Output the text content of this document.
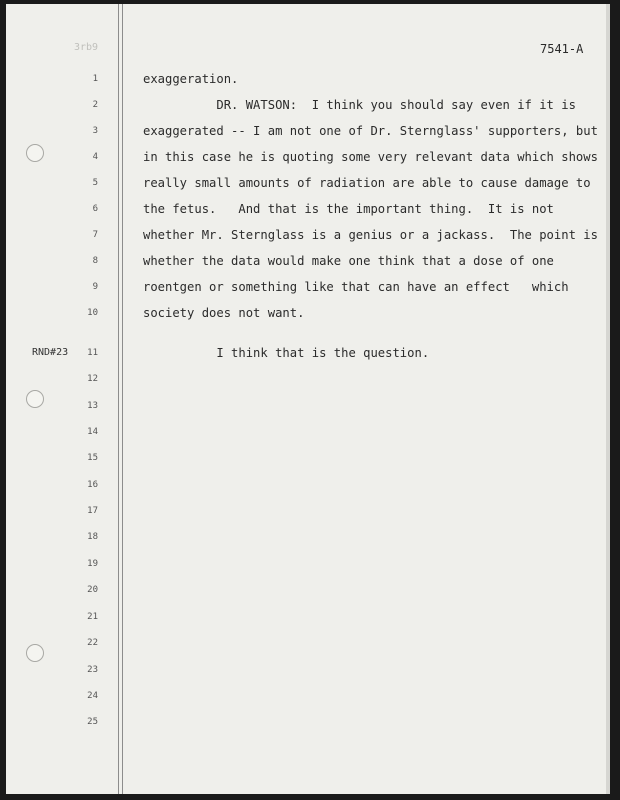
3rb9	7541-A
RND#23
1
2
3
4
5
6
7
8
9
10
11
12
13
14
15
16
17
18
19
20
21
22
23
24
25
exaggeration.
DR. WATSON:  I think you should say even if it is
exaggerated -- I am not one of Dr. Sternglass' supporters, but
in this case he is quoting some very relevant data which shows
really small amounts of radiation are able to cause damage to
the fetus.   And that is the important thing.  It is not
whether Mr. Sternglass is a genius or a jackass.  The point is
whether the data would make one think that a dose of one
roentgen or something like that can have an effect   which
society does not want.
I think that is the question.
